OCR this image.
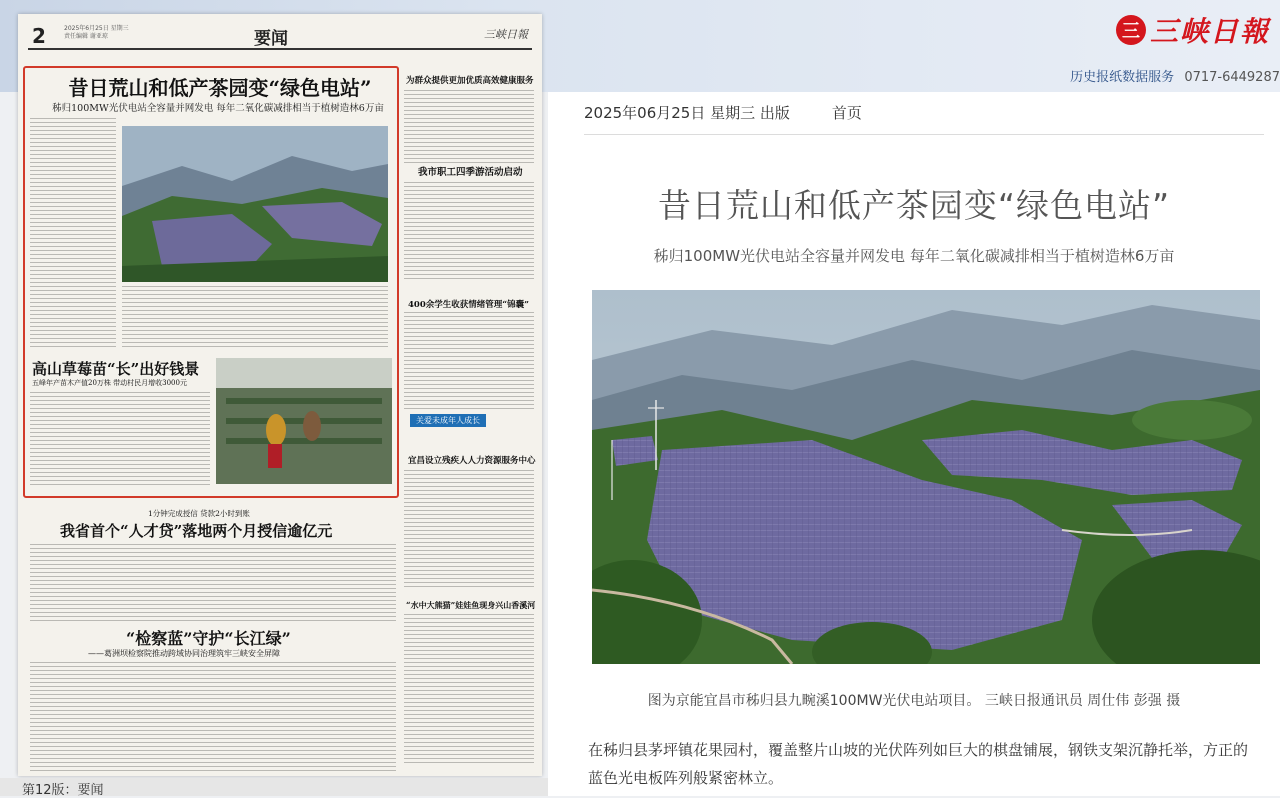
三 三峡日報
历史报纸数据服务 0717-6449287
2	2025年6月25日 星期三
责任编辑 谢亚琼	要闻	三峡日報
昔日荒山和低产茶园变“绿色电站”
秭归100MW光伏电站全容量并网发电 每年二氧化碳减排相当于植树造林6万亩
高山草莓苗“长”出好钱景
五峰年产苗木产值20万株 带动村民月增收3000元
为群众提供更加优质高效健康服务
我市职工四季游活动启动
400余学生收获情绪管理“锦囊”
关爱未成年人成长
宜昌设立残疾人人力资源服务中心
“水中大熊猫”娃娃鱼现身兴山香溪河
1分钟完成授信 贷款2小时到账
我省首个“人才贷”落地两个月授信逾亿元
“检察蓝”守护“长江绿”
——葛洲坝检察院推动跨域协同治理筑牢三峡安全屏障
第12版：要闻
2025年06月25日 星期三 出版	首页
昔日荒山和低产茶园变“绿色电站”
秭归100MW光伏电站全容量并网发电 每年二氧化碳减排相当于植树造林6万亩
图为京能宜昌市秭归县九畹溪100MW光伏电站项目。 三峡日报通讯员 周仕伟 彭强 摄
在秭归县茅坪镇花果园村，覆盖整片山坡的光伏阵列如巨大的棋盘铺展，钢铁支架沉静托举，方正的蓝色光电板阵列般紧密林立。
